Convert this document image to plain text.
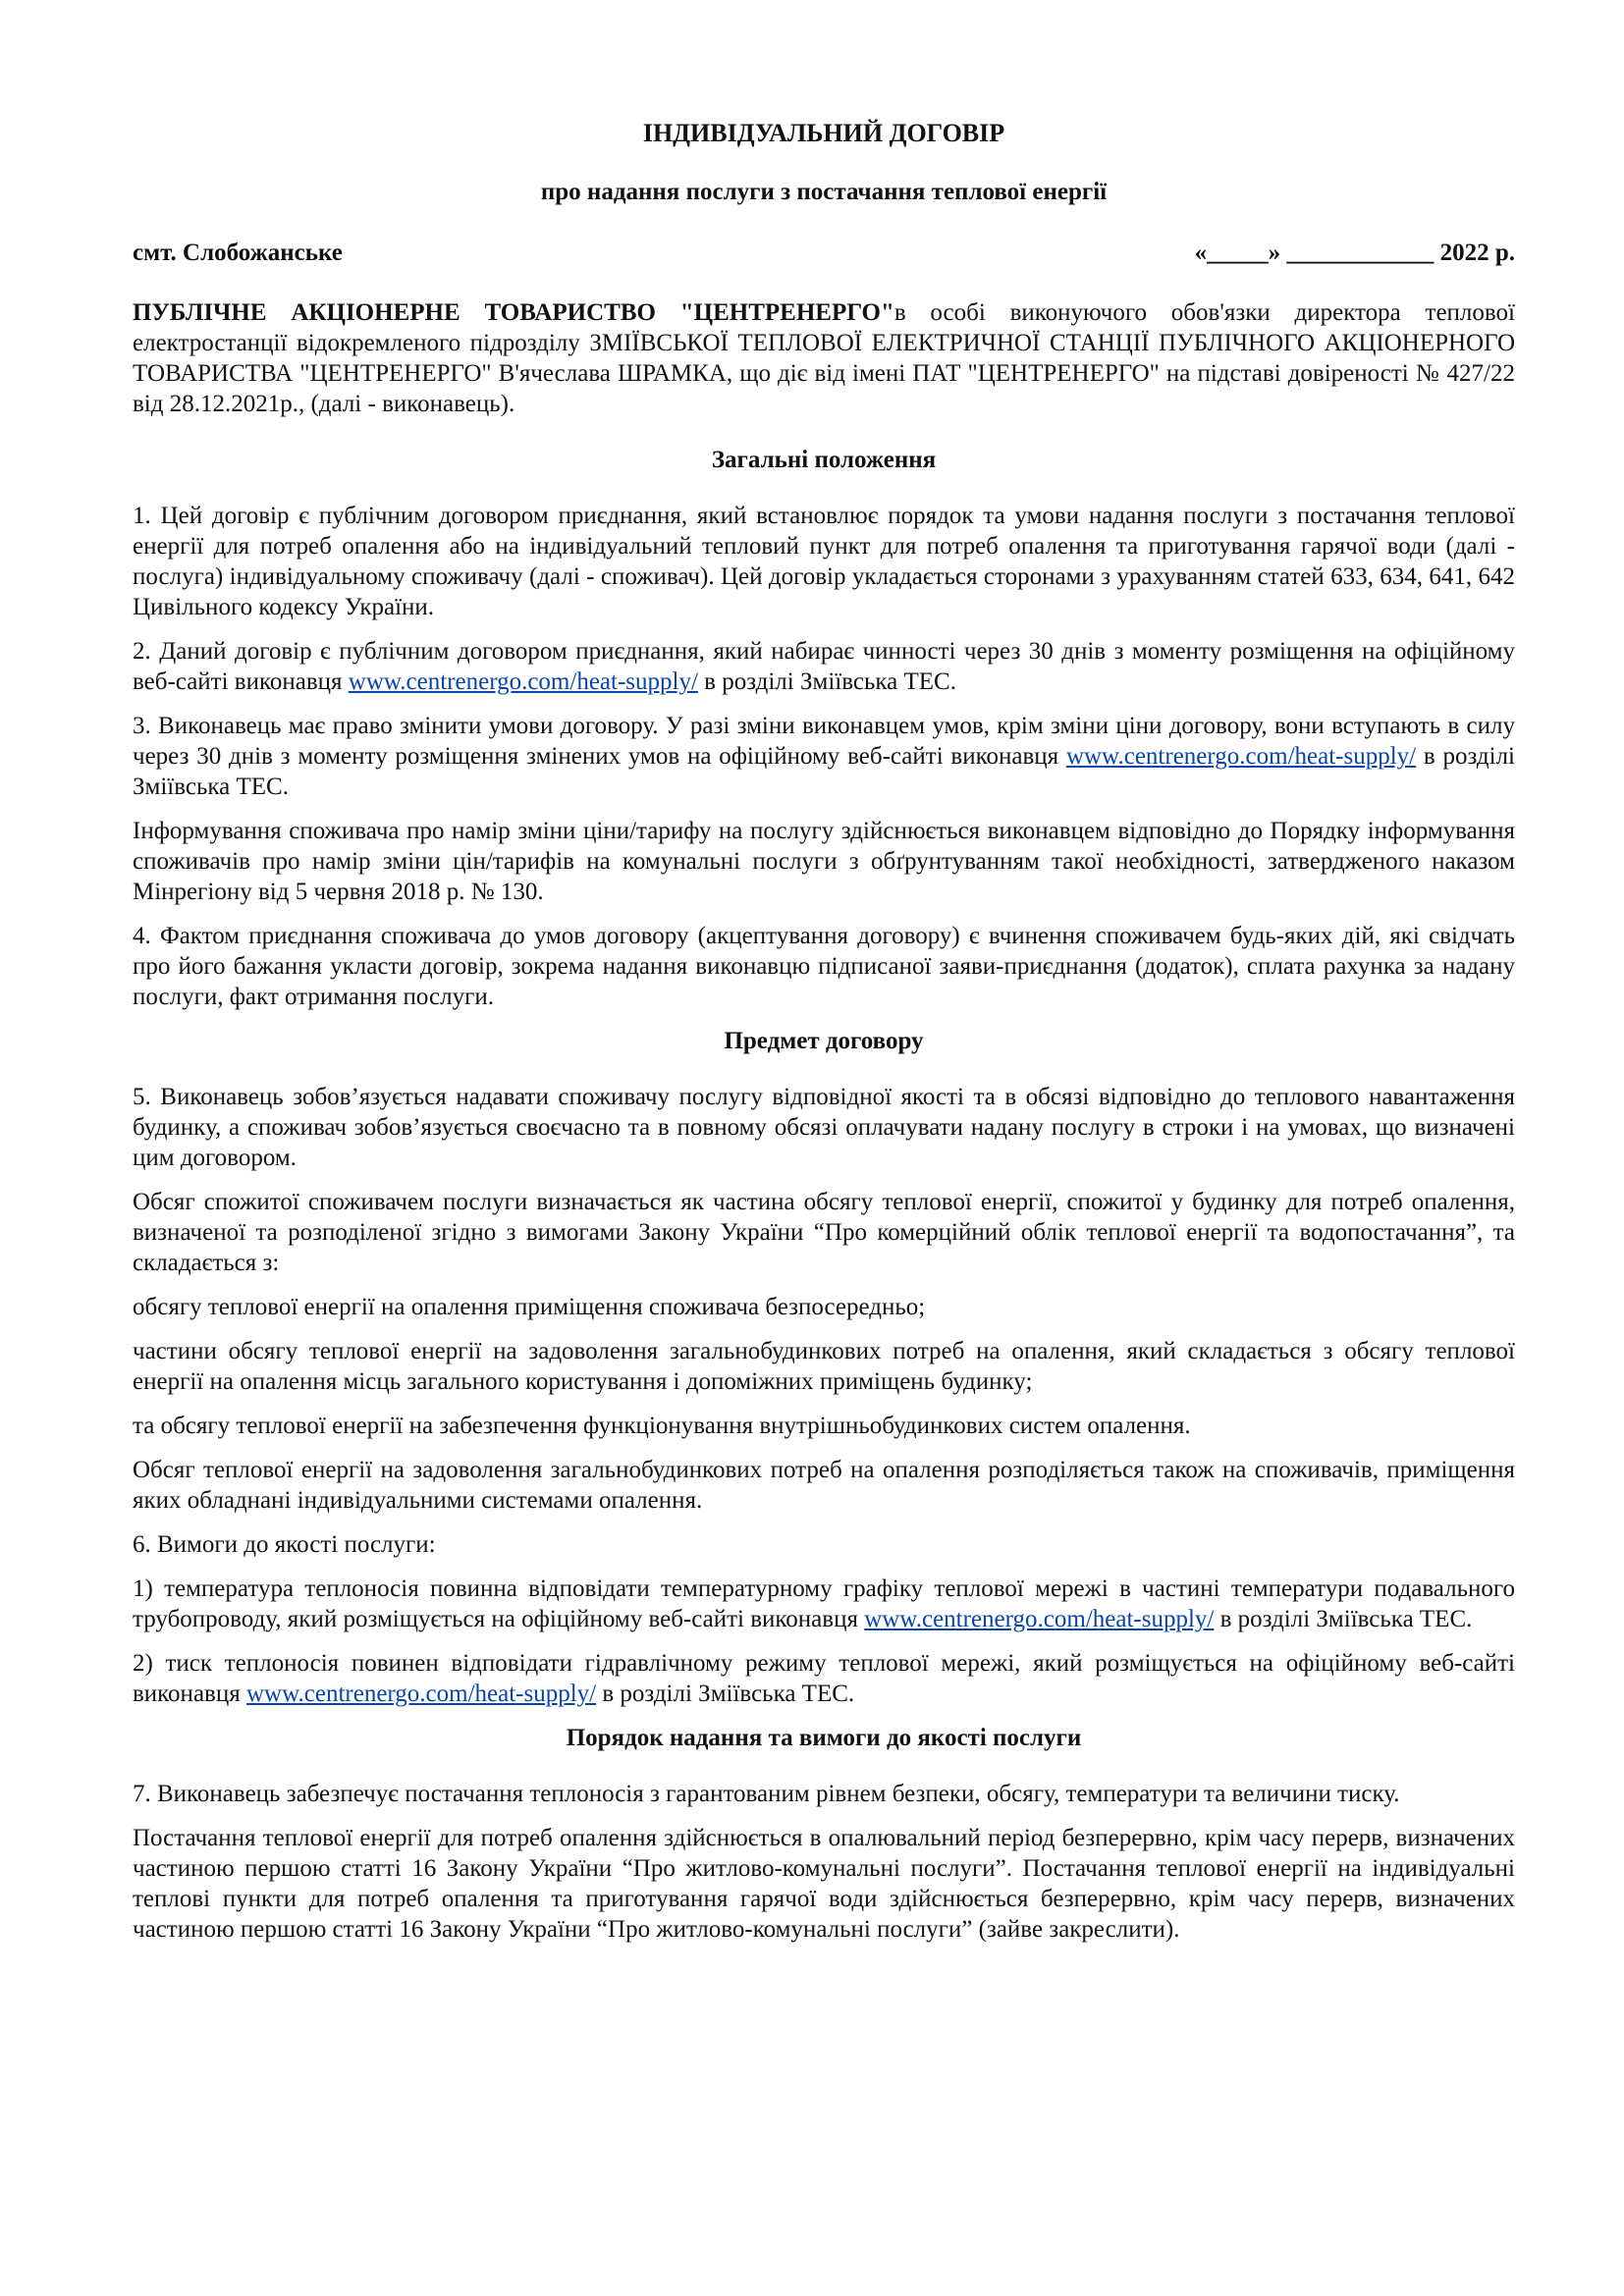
ІНДИВІДУАЛЬНИЙ ДОГОВІР
про надання послуги з постачання теплової енергії
смт. Слобожанське	«_____» ____________ 2022 р.

ПУБЛІЧНЕ АКЦІОНЕРНЕ ТОВАРИСТВО "ЦЕНТРЕНЕРГО"в особі виконуючого обов'язки директора теплової електростанції відокремленого підрозділу ЗМІЇВСЬКОЇ ТЕПЛОВОЇ ЕЛЕКТРИЧНОЇ СТАНЦІЇ ПУБЛІЧНОГО АКЦІОНЕРНОГО ТОВАРИСТВА "ЦЕНТРЕНЕРГО" В'ячеслава ШРАМКА, що діє від імені ПАТ "ЦЕНТРЕНЕРГО" на підставі довіреності № 427/22 від 28.12.2021р., (далі - виконавець).

Загальні положення

1. Цей договір є публічним договором приєднання, який встановлює порядок та умови надання послуги з постачання теплової енергії для потреб опалення або на індивідуальний тепловий пункт для потреб опалення та приготування гарячої води (далі - послуга) індивідуальному споживачу (далі - споживач). Цей договір укладається сторонами з урахуванням статей 633, 634, 641, 642 Цивільного кодексу України.

2. Даний договір є публічним договором приєднання, який набирає чинності через 30 днів з моменту розміщення на офіційному веб-сайті виконавця www.centrenergo.com/heat-supply/ в розділі Зміївська ТЕС.

3. Виконавець має право змінити умови договору. У разі зміни виконавцем умов, крім зміни ціни договору, вони вступають в силу через 30 днів з моменту розміщення змінених умов на офіційному веб-сайті виконавця www.centrenergo.com/heat-supply/ в розділі Зміївська ТЕС.

Інформування споживача про намір зміни ціни/тарифу на послугу здійснюється виконавцем відповідно до Порядку інформування споживачів про намір зміни цін/тарифів на комунальні послуги з обґрунтуванням такої необхідності, затвердженого наказом Мінрегіону від 5 червня 2018 р. № 130.

4. Фактом приєднання споживача до умов договору (акцептування договору) є вчинення споживачем будь-яких дій, які свідчать про його бажання укласти договір, зокрема надання виконавцю підписаної заяви-приєднання (додаток), сплата рахунка за надану послуги, факт отримання послуги.

Предмет договору

5. Виконавець зобов’язується надавати споживачу послугу відповідної якості та в обсязі відповідно до теплового навантаження будинку, а споживач зобов’язується своєчасно та в повному обсязі оплачувати надану послугу в строки і на умовах, що визначені цим договором.

Обсяг спожитої споживачем послуги визначається як частина обсягу теплової енергії, спожитої у будинку для потреб опалення, визначеної та розподіленої згідно з вимогами Закону України “Про комерційний облік теплової енергії та водопостачання”, та складається з:

обсягу теплової енергії на опалення приміщення споживача безпосередньо;

частини обсягу теплової енергії на задоволення загальнобудинкових потреб на опалення, який складається з обсягу теплової енергії на опалення місць загального користування і допоміжних приміщень будинку;

та обсягу теплової енергії на забезпечення функціонування внутрішньобудинкових систем опалення.

Обсяг теплової енергії на задоволення загальнобудинкових потреб на опалення розподіляється також на споживачів, приміщення яких обладнані індивідуальними системами опалення.

6. Вимоги до якості послуги:

1) температура теплоносія повинна відповідати температурному графіку теплової мережі в частині температури подавального трубопроводу, який розміщується на офіційному веб-сайті виконавця www.centrenergo.com/heat-supply/ в розділі Зміївська ТЕС.

2) тиск теплоносія повинен відповідати гідравлічному режиму теплової мережі, який розміщується на офіційному веб-сайті виконавця www.centrenergo.com/heat-supply/ в розділі Зміївська ТЕС.

Порядок надання та вимоги до якості послуги

7. Виконавець забезпечує постачання теплоносія з гарантованим рівнем безпеки, обсягу, температури та величини тиску.

Постачання теплової енергії для потреб опалення здійснюється в опалювальний період безперервно, крім часу перерв, визначених частиною першою статті 16 Закону України “Про житлово-комунальні послуги”. Постачання теплової енергії на індивідуальні теплові пункти для потреб опалення та приготування гарячої води здійснюється безперервно, крім часу перерв, визначених частиною першою статті 16 Закону України “Про житлово-комунальні послуги” (зайве закреслити).
